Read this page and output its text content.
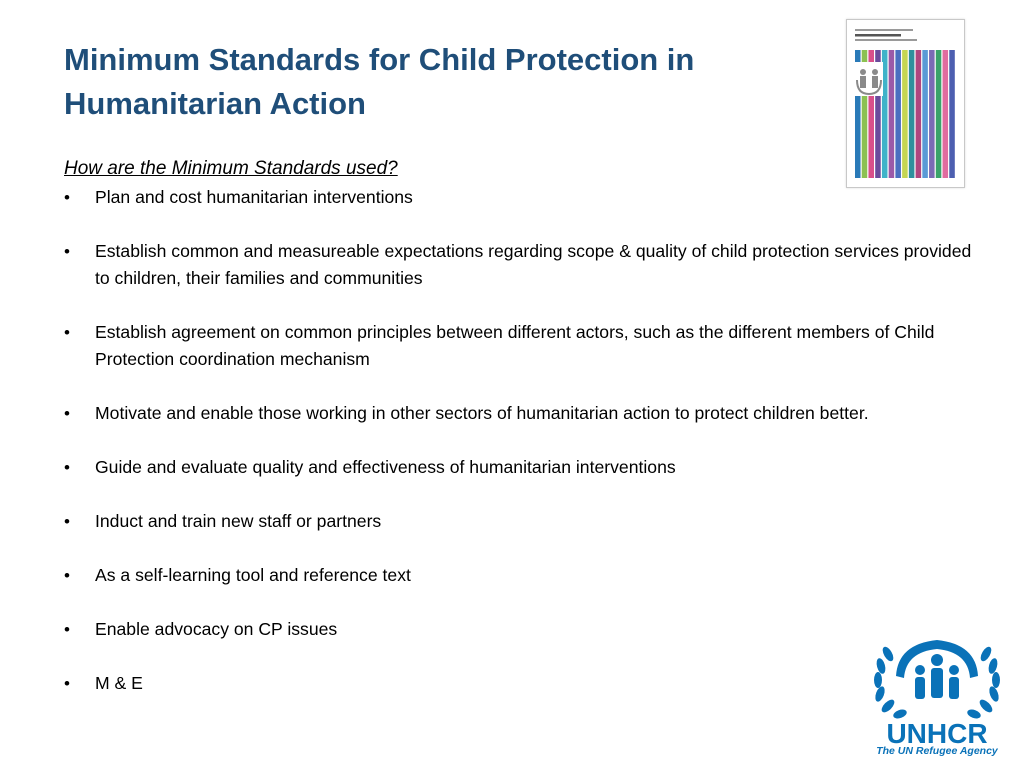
Minimum Standards for Child Protection in Humanitarian Action

How are the Minimum Standards used?

•	Plan and cost humanitarian interventions
•	Establish common and measureable expectations regarding scope & quality of child protection services provided to children, their families and communities
•	Establish agreement on common principles between different actors, such as the different members of Child Protection coordination mechanism
•	Motivate and enable those working in other sectors of humanitarian action to protect children better.
•	Guide and evaluate quality and effectiveness of humanitarian interventions
•	Induct and train new staff or partners
•	As a self-learning tool and reference text
•	Enable advocacy on CP issues
•	M & E
UNHCR
The UN Refugee Agency
